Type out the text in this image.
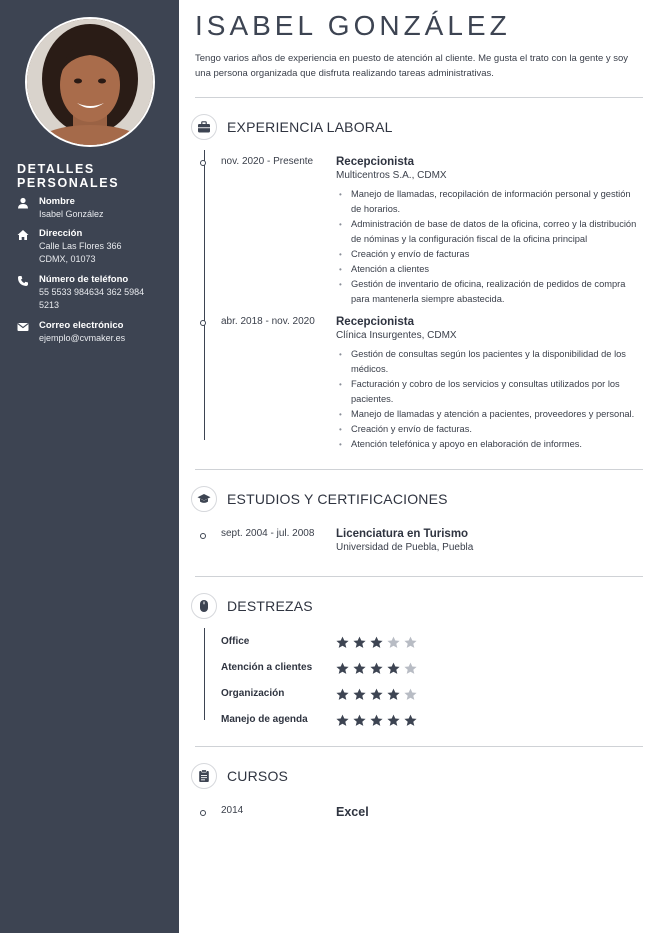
DETALLES PERSONALES
Nombre
Isabel González
Dirección
Calle Las Flores 366 CDMX, 01073
Número de teléfono
55 5533 984634 362 5984 5213
Correo electrónico
ejemplo@cvmaker.es
ISABEL GONZÁLEZ
Tengo varios años de experiencia en puesto de atención al cliente. Me gusta el trato con la gente y soy una persona organizada que disfruta realizando tareas administrativas.
EXPERIENCIA LABORAL
nov. 2020 - Presente Recepcionista
Multicentros S.A., CDMX
• Manejo de llamadas, recopilación de información personal y gestión de horarios.
• Administración de base de datos de la oficina, correo y la distribución de nóminas y la configuración fiscal de la oficina principal
• Creación y envío de facturas
• Atención a clientes
• Gestión de inventario de oficina, realización de pedidos de compra para mantenerla siempre abastecida.
abr. 2018 - nov. 2020 Recepcionista
Clínica Insurgentes, CDMX
• Gestión de consultas según los pacientes y la disponibilidad de los médicos.
• Facturación y cobro de los servicios y consultas utilizados por los pacientes.
• Manejo de llamadas y atención a pacientes, proveedores y personal.
• Creación y envío de facturas.
• Atención telefónica y apoyo en elaboración de informes.
ESTUDIOS Y CERTIFICACIONES
sept. 2004 - jul. 2008 Licenciatura en Turismo
Universidad de Puebla, Puebla
DESTREZAS
Office
Atención a clientes
Organización
Manejo de agenda
CURSOS
2014	Excel
